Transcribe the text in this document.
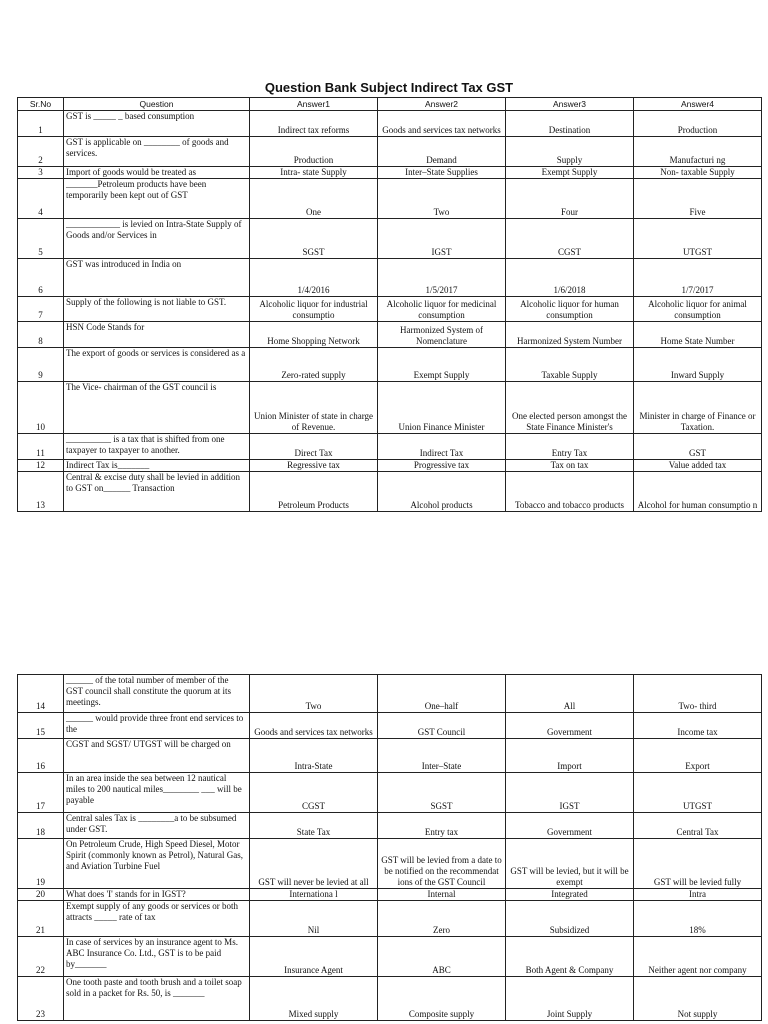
Question Bank Subject Indirect Tax GST
Sr.No	Question	Answer1	Answer2	Answer3	Answer4
1	GST is _____ _ based consumption	Indirect tax reforms	Goods and services tax networks	Destination	Production
2	GST is applicable on ________ of goods and services.	Production	Demand	Supply	Manufacturi ng
3	Import of goods would be treated as	Intra- state Supply	Inter–State Supplies	Exempt Supply	Non- taxable Supply
4	_______Petroleum products have been temporarily been kept out of GST	One	Two	Four	Five
5	____________ is levied on Intra-State Supply of Goods and/or Services in	SGST	IGST	CGST	UTGST
6	GST was introduced in India on	1/4/2016	1/5/2017	1/6/2018	1/7/2017
7	Supply of the following is not liable to GST.	Alcoholic liquor for industrial consumptio	Alcoholic liquor for medicinal consumption	Alcoholic liquor for human consumption	Alcoholic liquor for animal consumption
8	HSN Code Stands for	Home Shopping Network	Harmonized System of Nomenclature	Harmonized System Number	Home State Number
9	The export of goods or services is considered as a	Zero-rated supply	Exempt Supply	Taxable Supply	Inward Supply
10	The Vice- chairman of the GST council is	Union Minister of state in charge of Revenue.	Union Finance Minister	One elected person amongst the State Finance Minister's	Minister in charge of Finance or Taxation.
11	__________ is a tax that is shifted from one taxpayer to taxpayer to another.	Direct Tax	Indirect Tax	Entry Tax	GST
12	Indirect Tax is_______	Regressive tax	Progressive tax	Tax on tax	Value added tax
13	Central & excise duty shall be levied in addition to GST on______ Transaction	Petroleum Products	Alcohol products	Tobacco and tobacco products	Alcohol for human consumptio n
14	______ of the total number of member of the GST council shall constitute the quorum at its meetings.	Two	One–half	All	Two- third
15	______ would provide three front end services to the	Goods and services tax networks	GST Council	Government	Income tax
16	CGST and SGST/ UTGST will be charged on	Intra-State	Inter–State	Import	Export
17	In an area inside the sea between 12 nautical miles to 200 nautical miles________ ___ will be payable	CGST	SGST	IGST	UTGST
18	Central sales Tax is ________a to be subsumed under GST.	State Tax	Entry tax	Government	Central Tax
19	On Petroleum Crude, High Speed Diesel, Motor Spirit (commonly known as Petrol), Natural Gas, and Aviation Turbine Fuel	GST will never be levied at all	GST will be levied from a date to be notified on the recommendat ions of the GST Council	GST will be levied, but it will be exempt	GST will be levied fully
20	What does 'I' stands for in IGST?	Internationa l	Internal	Integrated	Intra
21	Exempt supply of any goods or services or both attracts _____ rate of tax	Nil	Zero	Subsidized	18%
22	In case of services by an insurance agent to Ms. ABC Insurance Co. Ltd., GST is to be paid by_______	Insurance Agent	ABC	Both Agent & Company	Neither agent nor company
23	One tooth paste and tooth brush and a toilet soap sold in a packet for Rs. 50, is _______	Mixed supply	Composite supply	Joint Supply	Not supply
